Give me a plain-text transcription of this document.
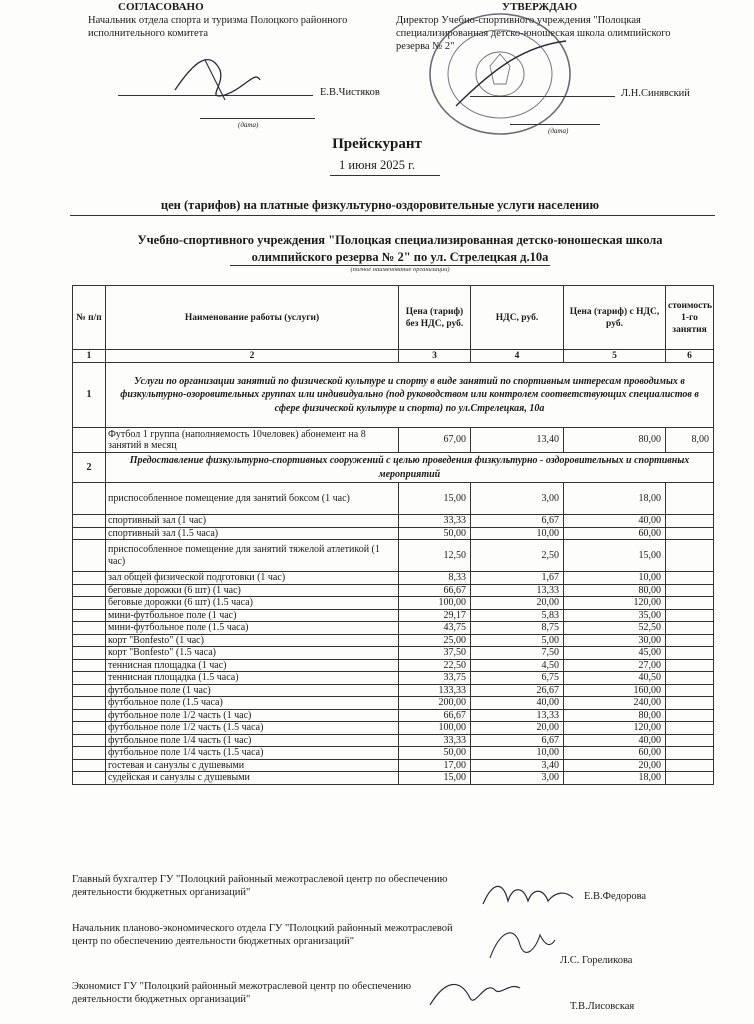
СОГЛАСОВАНО
Начальник отдела спорта и туризма Полоцкого районного исполнительного комитета
Е.В.Чистяков
(дата)
УТВЕРЖДАЮ
Директор Учебно-спортивного учреждения "Полоцкая специализированная детско-юношеская школа олимпийского резерва № 2"
Л.Н.Синявский
(дата)
Прейскурант
1 июня 2025 г.
цен (тарифов) на платные физкультурно-оздоровительные услуги населению
Учебно-спортивного учреждения "Полоцкая специализированная детско-юношеская школа
олимпийского резерва № 2" по ул. Стрелецкая д.10а
(полное наименование организации)
№ п/п	Наименование работы (услуги)	Цена (тариф) без НДС, руб.	НДС, руб.	Цена (тариф) с НДС, руб.	стоимость 1-го занятия
1	2	3	4	5	6
1	Услуги по организации занятий по физической культуре и спорту в виде занятий по спортивным интересам проводимых в физкультурно-озоровительных группах или индивидуально (под руководством или контролем соответствующих специалистов в сфере физической культуре и спорта) по ул.Стрелецкая, 10а				
	Футбол 1 группа (наполняемость 10человек) абонемент на 8 занятий в месяц	67,00	13,40	80,00	8,00
2	Предоставление физкультурно-спортивных сооружений с целью проведения физкультурно - оздоровительных и спортивных мероприятий				
	приспособленное помещение для занятий боксом (1 час)	15,00	3,00	18,00	
	спортивный зал (1 час)	33,33	6,67	40,00	
	спортивный зал (1.5 часа)	50,00	10,00	60,00	
	приспособленное помещение для занятий тяжелой атлетикой (1 час)	12,50	2,50	15,00	
	зал общей физической подготовки (1 час)	8,33	1,67	10,00	
	беговые дорожки (6 шт) (1 час)	66,67	13,33	80,00	
	беговые дорожки (6 шт) (1.5 часа)	100,00	20,00	120,00	
	мини-футбольное поле (1 час)	29,17	5,83	35,00	
	мини-футбольное поле (1.5 часа)	43,75	8,75	52,50	
	корт "Bonfesto" (1 час)	25,00	5,00	30,00	
	корт "Bonfesto" (1.5 часа)	37,50	7,50	45,00	
	теннисная площадка (1 час)	22,50	4,50	27,00	
	теннисная площадка (1.5 часа)	33,75	6,75	40,50	
	футбольное поле (1 час)	133,33	26,67	160,00	
	футбольное поле (1.5 часа)	200,00	40,00	240,00	
	футбольное поле 1/2 часть (1 час)	66,67	13,33	80,00	
	футбольное поле 1/2 часть (1.5 часа)	100,00	20,00	120,00	
	футбольное поле 1/4 часть (1 час)	33,33	6,67	40,00	
	футбольное поле 1/4 часть (1.5 часа)	50,00	10,00	60,00	
	гостевая и санузлы с душевыми	17,00	3,40	20,00	
	судейская и санузлы с душевыми	15,00	3,00	18,00	
Главный бухгалтер ГУ "Полоцкий районный межотраслевой центр по обеспечению деятельности бюджетных организаций"	Е.В.Федорова
Начальник планово-экономического отдела ГУ "Полоцкий районный межотраслевой центр по обеспечению деятельности бюджетных организаций"
Л.С. Гореликова
Экономист ГУ "Полоцкий районный межотраслевой центр по обеспечению деятельности бюджетных организаций"
Т.В.Лисовская
